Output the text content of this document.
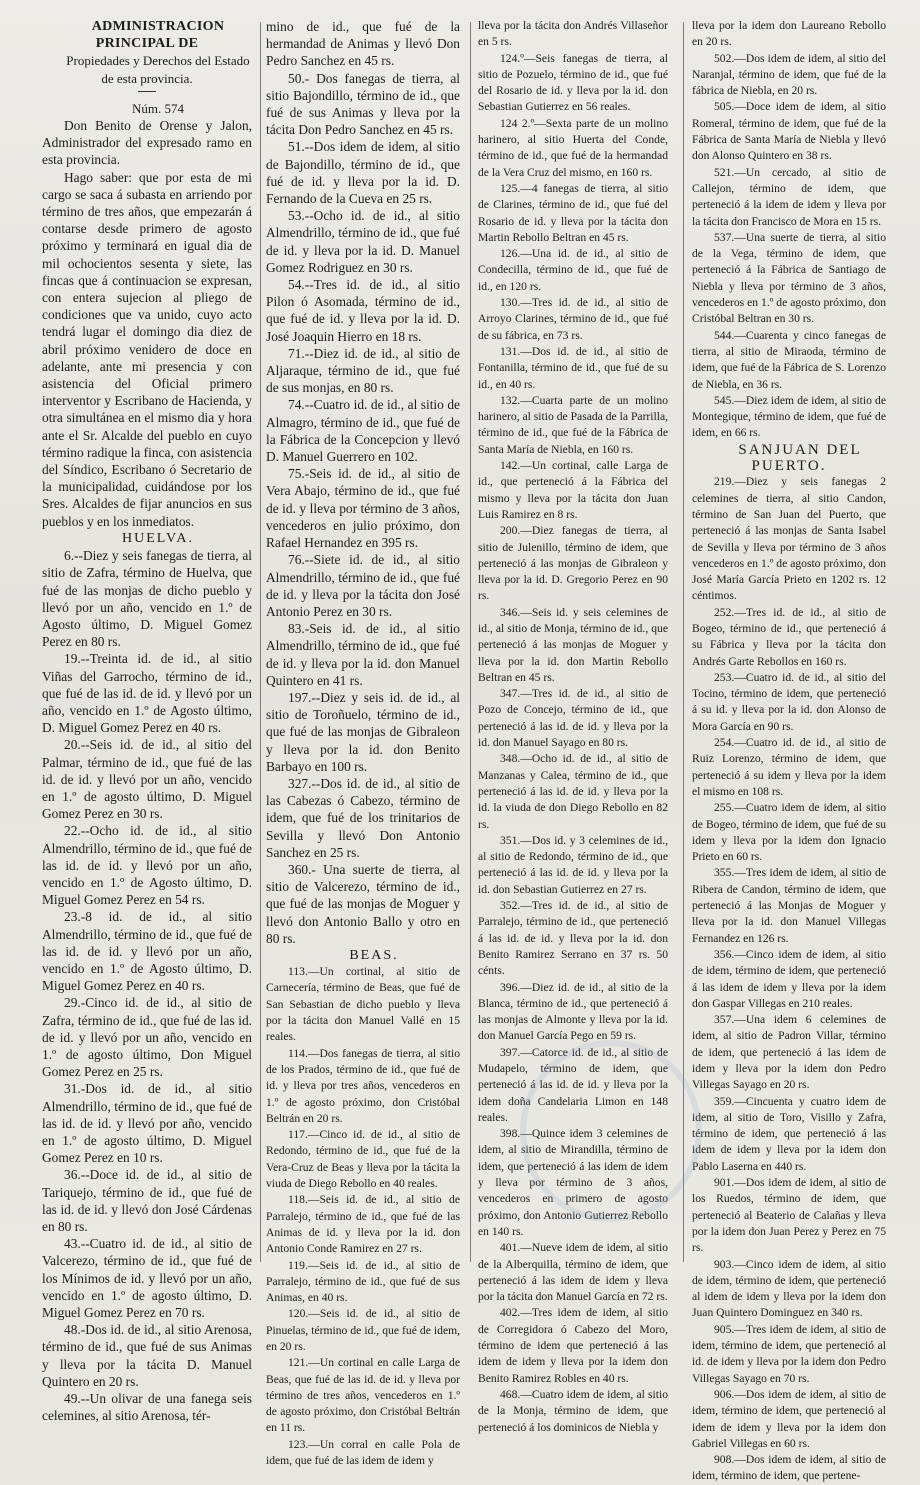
ADMINISTRACION PRINCIPAL DE

Propiedades y Derechos del Estado de esta provincia.

Núm. 574

Don Benito de Orense y Jalon, Administrador del expresado ramo en esta provincia.

Hago saber: que por esta de mi cargo se saca á subasta en arriendo por término de tres años, que empezarán á contarse desde primero de agosto próximo y terminará en igual dia de mil ochocientos sesenta y siete, las fincas que á continuacion se expresan, con entera sujecion al pliego de condiciones que va unido, cuyo acto tendrá lugar el domingo dia diez de abril próximo venidero de doce en adelante, ante mi presencia y con asistencia del Oficial primero interventor y Escribano de Hacienda, y otra simultánea en el mismo dia y hora ante el Sr. Alcalde del pueblo en cuyo término radique la finca, con asistencia del Síndico, Escribano ó Secretario de la municipalidad, cuidándose por los Sres. Alcaldes de fijar anuncios en sus pueblos y en los inmediatos.

HUELVA.

6.--Diez y seis fanegas de tierra, al sitio de Zafra, término de Huelva, que fué de las monjas de dicho pueblo y llevó por un año, vencido en 1.º de Agosto último, D. Miguel Gomez Perez en 80 rs.

19.--Treinta id. de id., al sitio Viñas del Garrocho, término de id., que fué de las id. de id. y llevó por un año, vencido en 1.º de Agosto último, D. Miguel Gomez Perez en 40 rs.

20.--Seis id. de id., al sitio del Palmar, término de id., que fué de las id. de id. y llevó por un año, vencido en 1.º de agosto último, D. Miguel Gomez Perez en 30 rs.

22.--Ocho id. de id., al sitio Almendrillo, término de id., que fué de las id. de id. y llevó por un año, vencido en 1.º de Agosto último, D. Miguel Gomez Perez en 54 rs.

23.-8 id. de id., al sitio Almendrillo, término de id., que fué de las id. de id. y llevó por un año, vencido en 1.º de Agosto último, D. Miguel Gomez Perez en 40 rs.

29.-Cinco id. de id., al sitio de Zafra, término de id., que fué de las id. de id. y llevó por un año, vencido en 1.º de agosto último, Don Miguel Gomez Perez en 25 rs.

31.-Dos id. de id., al sitio Almendrillo, término de id., que fué de las id. de id. y llevó por año, vencido en 1.º de agosto último, D. Miguel Gomez Perez en 10 rs.

36.--Doce id. de id., al sitio de Tariquejo, término de id., que fué de las id. de id. y llevó don José Cárdenas en 80 rs.

43.--Cuatro id. de id., al sitio de Valcerezo, término de id., que fué de los Mínimos de id. y llevó por un año, vencido en 1.º de agosto último, D. Miguel Gomez Perez en 70 rs.

48.-Dos id. de id., al sitio Arenosa, término de id., que fué de sus Animas y lleva por la tácita D. Manuel Quintero en 20 rs.

49.--Un olivar de una fanega seis celemines, al sitio Arenosa, tér-

mino de id., que fué de la hermandad de Animas y llevó Don Pedro Sanchez en 45 rs.

50.- Dos fanegas de tierra, al sitio Bajondillo, término de id., que fué de sus Animas y lleva por la tácita Don Pedro Sanchez en 45 rs.

51.--Dos idem de idem, al sitio de Bajondillo, término de id., que fué de id. y lleva por la id. D. Fernando de la Cueva en 25 rs.

53.--Ocho id. de id., al sitio Almendrillo, término de id., que fué de id. y lleva por la id. D. Manuel Gomez Rodriguez en 30 rs.

54.--Tres id. de id., al sitio Pilon ó Asomada, término de id., que fué de id. y lleva por la id. D. José Joaquin Hierro en 18 rs.

71.--Diez id. de id., al sitio de Aljaraque, término de id., que fué de sus monjas, en 80 rs.

74.--Cuatro id. de id., al sitio de Almagro, término de id., que fué de la Fábrica de la Concepcion y llevó D. Manuel Guerrero en 102.

75.-Seis id. de id., al sitio de Vera Abajo, término de id., que fué de id. y lleva por término de 3 años, vencederos en julio próximo, don Rafael Hernandez en 395 rs.

76.--Siete id. de id., al sitio Almendrillo, término de id., que fué de id. y lleva por la tácita don José Antonio Perez en 30 rs.

83.-Seis id. de id., al sitio Almendrillo, término de id., que fué de id. y lleva por la id. don Manuel Quintero en 41 rs.

197.--Diez y seis id. de id., al sitio de Toroñuelo, término de id., que fué de las monjas de Gibraleon y lleva por la id. don Benito Barbayo en 100 rs.

327.--Dos id. de id., al sitio de las Cabezas ó Cabezo, término de idem, que fué de los trinitarios de Sevilla y llevó Don Antonio Sanchez en 25 rs.

360.- Una suerte de tierra, al sitio de Valcerezo, término de id., que fué de las monjas de Moguer y llevó don Antonio Ballo y otro en 80 rs.

BEAS.

113.—Un cortinal, al sitio de Carnecería, término de Beas, que fué de San Sebastian de dicho pueblo y lleva por la tácita don Manuel Vallé en 15 reales.

114.—Dos fanegas de tierra, al sitio de los Prados, término de id., que fué de id. y lleva por tres años, vencederos en 1.º de agosto próximo, don Cristóbal Beltrán en 20 rs.

117.—Cinco id. de id., al sitio de Redondo, término de id., que fué de la Vera-Cruz de Beas y lleva por la tácita la viuda de Diego Rebollo en 40 reales.

118.—Seis id. de id., al sitio de Parralejo, término de id., que fué de las Animas de id. y lleva por la id. don Antonio Conde Ramirez en 27 rs.

119.—Seis id. de id., al sitio de Parralejo, término de id., que fué de sus Animas, en 40 rs.

120.—Seis id. de id., al sitio de Pinuelas, término de id., que fué de idem, en 20 rs.

121.—Un cortinal en calle Larga de Beas, que fué de las id. de id. y lleva por término de tres años, vencederos en 1.º de agosto próximo, don Cristóbal Beltrán en 11 rs.

123.—Un corral en calle Pola de idem, que fué de las idem de idem y

lleva por la tácita don Andrés Villaseñor en 5 rs.

124.º—Seis fanegas de tierra, al sitio de Pozuelo, término de id., que fué del Rosario de id. y lleva por la id. don Sebastian Gutierrez en 56 reales.

124 2.º—Sexta parte de un molino harinero, al sitio Huerta del Conde, término de id., que fué de la hermandad de la Vera Cruz del mismo, en 160 rs.

125.—4 fanegas de tierra, al sitio de Clarines, término de id., que fué del Rosario de id. y lleva por la tácita don Martin Rebollo Beltran en 45 rs.

126.—Una id. de id., al sitio de Condecilla, término de id., que fué de id., en 120 rs.

130.—Tres id. de id., al sitio de Arroyo Clarines, término de id., que fué de su fábrica, en 73 rs.

131.—Dos id. de id., al sitio de Fontanilla, término de id., que fué de su id., en 40 rs.

132.—Cuarta parte de un molino harinero, al sitio de Pasada de la Parrilla, término de id., que fué de la Fábrica de Santa María de Niebla, en 160 rs.

142.—Un cortinal, calle Larga de id., que perteneció á la Fábrica del mismo y lleva por la tácita don Juan Luis Ramirez en 8 rs.

200.—Diez fanegas de tierra, al sitio de Julenillo, término de idem, que perteneció á las monjas de Gibraleon y lleva por la id. D. Gregorio Perez en 90 rs.

346.—Seis id. y seis celemines de id., al sitio de Monja, término de id., que perteneció á las monjas de Moguer y lleva por la id. don Martin Rebollo Beltran en 45 rs.

347.—Tres id. de id., al sitio de Pozo de Concejo, término de id., que perteneció á las id. de id. y lleva por la id. don Manuel Sayago en 80 rs.

348.—Ocho id. de id., al sitio de Manzanas y Calea, término de id., que perteneció á las id. de id. y lleva por la id. la viuda de don Diego Rebollo en 82 rs.

351.—Dos id. y 3 celemines de id., al sitio de Redondo, término de id., que perteneció á las id. de id. y lleva por la id. don Sebastian Gutierrez en 27 rs.

352.—Tres id. de id., al sitio de Parralejo, término de id., que perteneció á las id. de id. y lleva por la id. don Benito Ramirez Serrano en 37 rs. 50 cénts.

396.—Diez id. de id., al sitio de la Blanca, término de id., que perteneció á las monjas de Almonte y lleva por la id. don Manuel García Pego en 59 rs.

397.—Catorce id. de id., al sitio de Mudapelo, término de idem, que perteneció á las id. de id. y lleva por la idem doña Candelaria Limon en 148 reales.

398.—Quince idem 3 celemines de idem, al sitio de Mirandilla, término de idem, que perteneció á las idem de idem y lleva por término de 3 años, vencederos en primero de agosto próximo, don Antonio Gutierrez Rebollo en 140 rs.

401.—Nueve idem de idem, al sitio de la Alberquilla, término de idem, que perteneció á las idem de idem y lleva por la tácita don Manuel García en 72 rs.

402.—Tres idem de idem, al sitio de Corregidora ó Cabezo del Moro, término de idem que perteneció á las idem de idem y lleva por la idem don Benito Ramirez Robles en 40 rs.

468.—Cuatro idem de idem, al sitio de la Monja, término de idem, que perteneció á los dominicos de Niebla y

lleva por la idem don Laureano Rebollo en 20 rs.

502.—Dos idem de idem, al sitio del Naranjal, término de idem, que fué de la fábrica de Niebla, en 20 rs.

505.—Doce idem de idem, al sitio Romeral, término de idem, que fué de la Fábrica de Santa María de Niebla y llevó don Alonso Quintero en 38 rs.

521.—Un cercado, al sitio de Callejon, término de idem, que perteneció á la idem de idem y lleva por la tácita don Francisco de Mora en 15 rs.

537.—Una suerte de tierra, al sitio de la Vega, término de idem, que perteneció á la Fábrica de Santiago de Niebla y lleva por término de 3 años, vencederos en 1.º de agosto próximo, don Cristóbal Beltran en 30 rs.

544.—Cuarenta y cinco fanegas de tierra, al sitio de Miraoda, término de idem, que fué de la Fábrica de S. Lorenzo de Niebla, en 36 rs.

545.—Diez idem de idem, al sitio de Montegique, término de idem, que fué de idem, en 66 rs.

SANJUAN DEL PUERTO.

219.—Diez y seis fanegas 2 celemines de tierra, al sitio Candon, término de San Juan del Puerto, que perteneció á las monjas de Santa Isabel de Sevilla y lleva por término de 3 años vencederos en 1.º de agosto próximo, don José María García Prieto en 1202 rs. 12 céntimos.

252.—Tres id. de id., al sitio de Bogeo, término de id., que perteneció á su Fábrica y lleva por la tácita don Andrés Garte Rebollos en 160 rs.

253.—Cuatro id. de id., al sitio del Tocino, término de idem, que perteneció á su id. y lleva por la id. don Alonso de Mora García en 90 rs.

254.—Cuatro id. de id., al sitio de Ruiz Lorenzo, término de idem, que perteneció á su idem y lleva por la idem el mismo en 108 rs.

255.—Cuatro idem de idem, al sitio de Bogeo, término de idem, que fué de su idem y lleva por la idem don Ignacio Prieto en 60 rs.

355.—Tres idem de idem, al sitio de Ribera de Candon, término de idem, que perteneció á las Monjas de Moguer y lleva por la id. don Manuel Villegas Fernandez en 126 rs.

356.—Cinco idem de idem, al sitio de idem, término de idem, que perteneció á las idem de idem y lleva por la idem don Gaspar Villegas en 210 reales.

357.—Una idem 6 celemines de idem, al sitio de Padron Villar, término de idem, que perteneció á las idem de idem y lleva por la idem don Pedro Villegas Sayago en 20 rs.

359.—Cincuenta y cuatro idem de idem, al sitio de Toro, Visillo y Zafra, término de idem, que perteneció á las idem de idem y lleva por la idem don Pablo Laserna en 440 rs.

901.—Dos idem de idem, al sitio de los Ruedos, término de idem, que perteneció al Beaterio de Calañas y lleva por la idem don Juan Perez y Perez en 75 rs.

903.—Cinco idem de idem, al sitio de idem, término de idem, que perteneció al idem de idem y lleva por la idem don Juan Quintero Dominguez en 340 rs.

905.—Tres idem de idem, al sitio de idem, término de idem, que perteneció al id. de idem y lleva por la idem don Pedro Villegas Sayago en 70 rs.

906.—Dos idem de idem, al sitio de idem, término de idem, que perteneció al idem de idem y lleva por la idem don Gabriel Villegas en 60 rs.

908.—Dos idem de idem, al sitio de idem, término de idem, que pertene-
